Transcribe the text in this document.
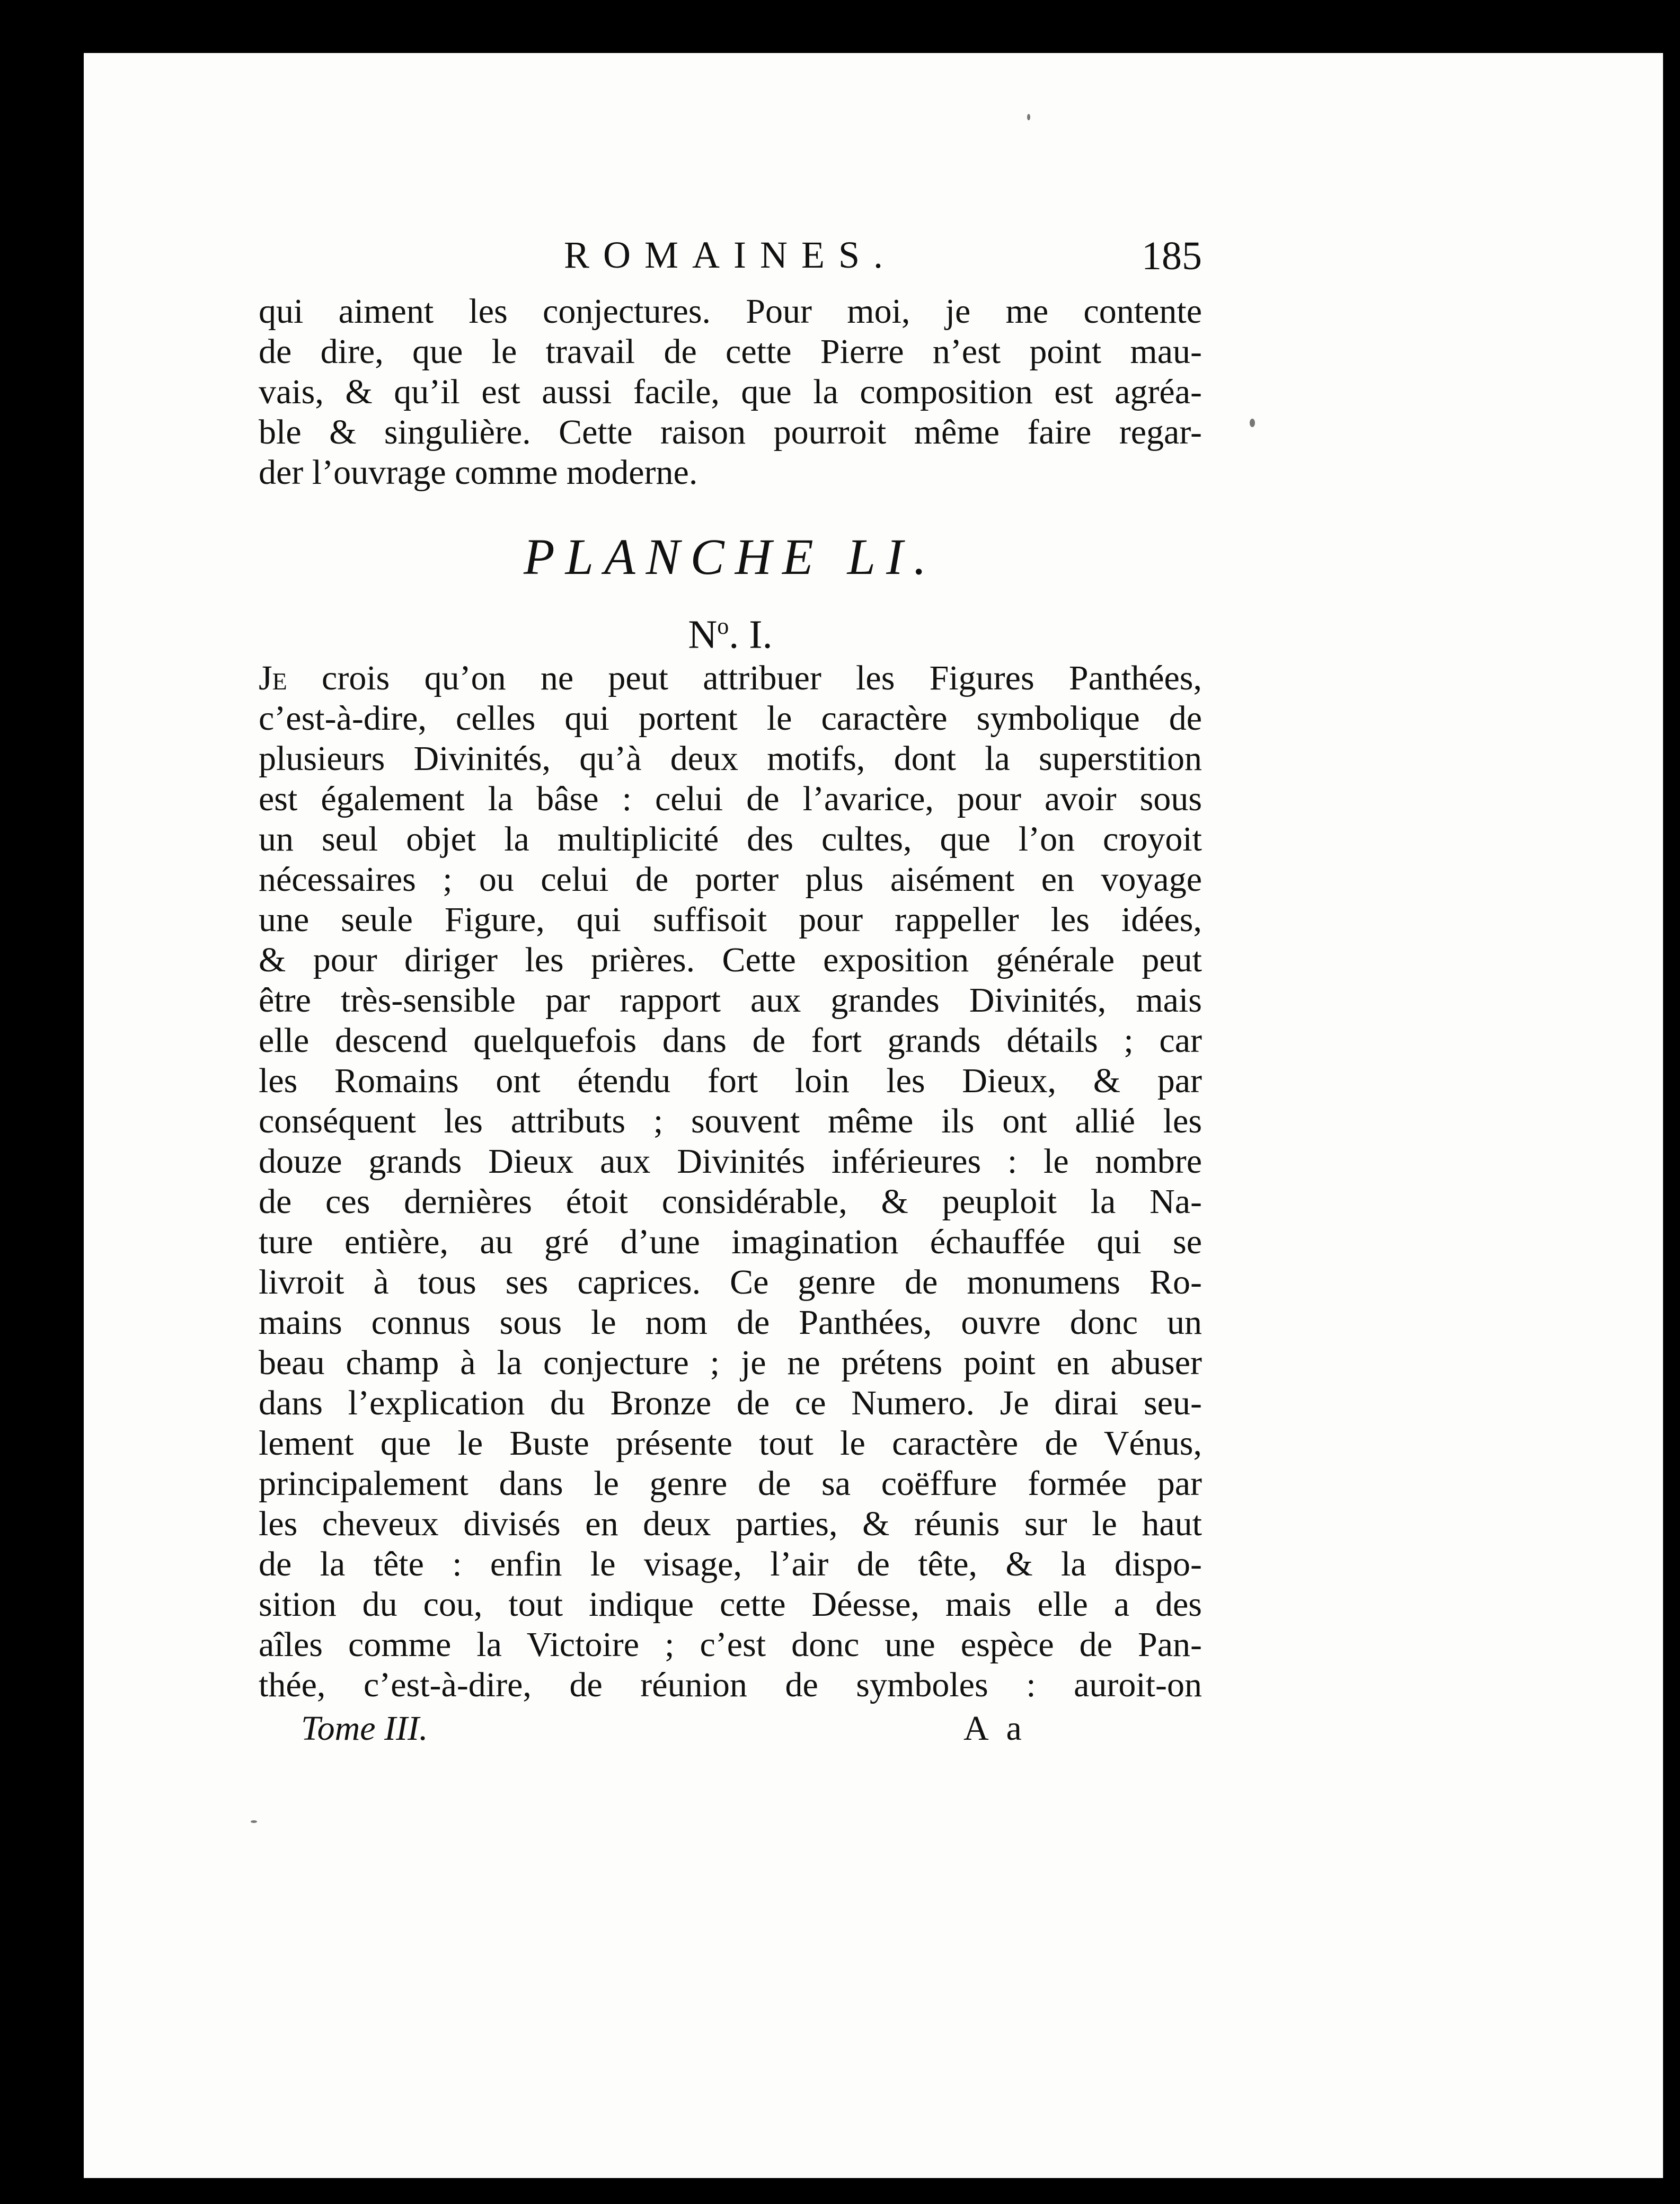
ROMAINES.	185

qui aiment les conjectures. Pour moi, je me contente
de dire, que le travail de cette Pierre n’est point mau-
vais, & qu’il est aussi facile, que la composition est agréa-
ble & singulière. Cette raison pourroit même faire regar-
der l’ouvrage comme moderne.

PLANCHE LI.
$N^o$. I.

Je crois qu’on ne peut attribuer les Figures Panthées,
c’est-à-dire, celles qui portent le caractère symbolique de
plusieurs Divinités, qu’à deux motifs, dont la superstition
est également la bâse : celui de l’avarice, pour avoir sous
un seul objet la multiplicité des cultes, que l’on croyoit
nécessaires ; ou celui de porter plus aisément en voyage
une seule Figure, qui suffisoit pour rappeller les idées,
& pour diriger les prières. Cette exposition générale peut
être très-sensible par rapport aux grandes Divinités, mais
elle descend quelquefois dans de fort grands détails ; car
les Romains ont étendu fort loin les Dieux, & par
conséquent les attributs ; souvent même ils ont allié les
douze grands Dieux aux Divinités inférieures : le nombre
de ces dernières étoit considérable, & peuploit la Na-
ture entière, au gré d’une imagination échauffée qui se
livroit à tous ses caprices. Ce genre de monumens Ro-
mains connus sous le nom de Panthées, ouvre donc un
beau champ à la conjecture ; je ne prétens point en abuser
dans l’explication du Bronze de ce Numero. Je dirai seu-
lement que le Buste présente tout le caractère de Vénus,
principalement dans le genre de sa coëffure formée par
les cheveux divisés en deux parties, & réunis sur le haut
de la tête : enfin le visage, l’air de tête, & la dispo-
sition du cou, tout indique cette Déesse, mais elle a des
aîles comme la Victoire ; c’est donc une espèce de Pan-
thée, c’est-à-dire, de réunion de symboles : auroit-on

Tome III.	A a
